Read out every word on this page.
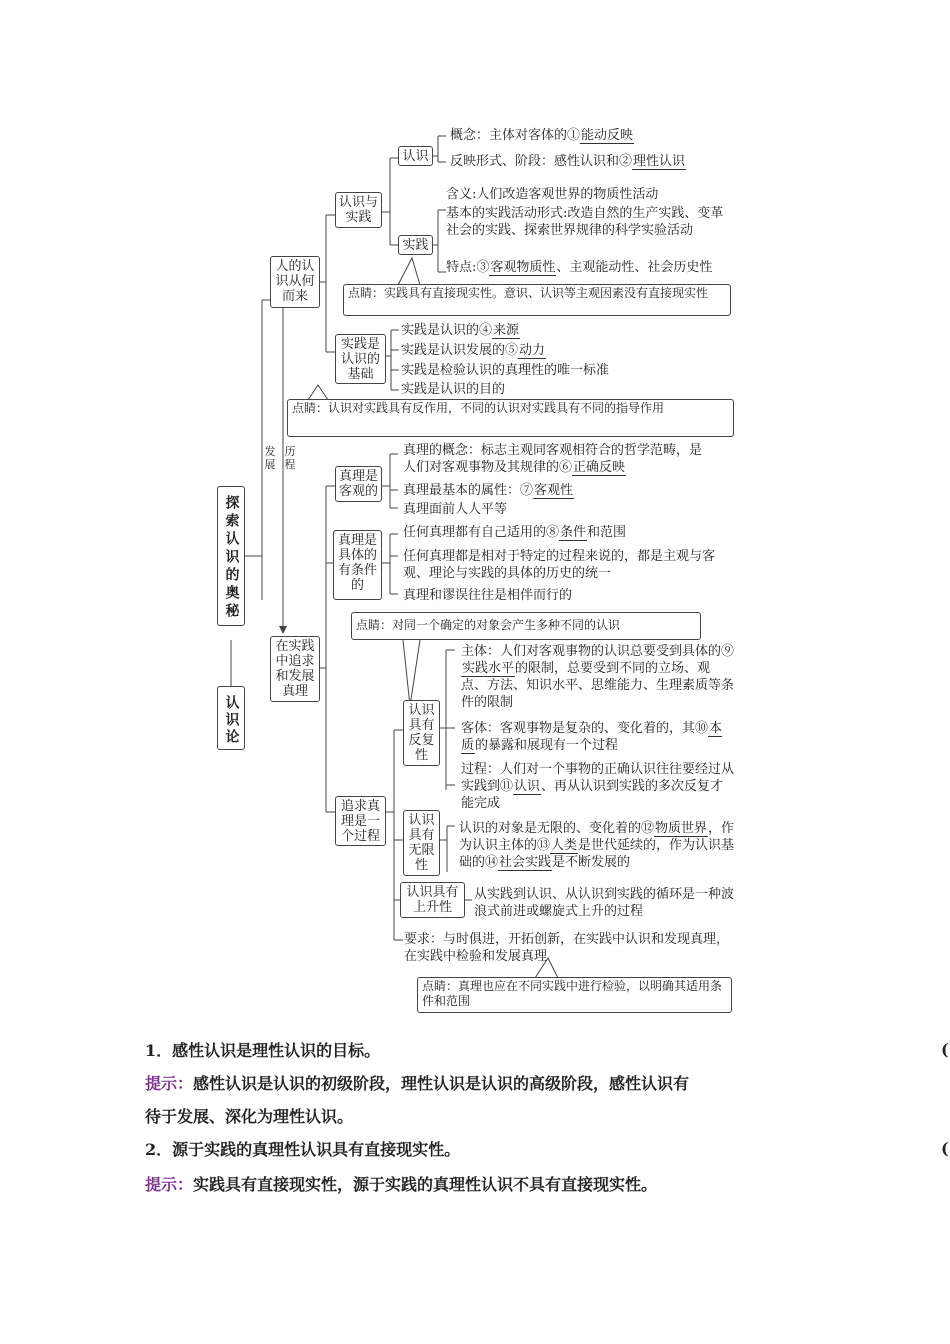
探索认识的奥秘
认识论
发展
历程
人的认识从何而来
认识与实践
认识
概念：主体对客体的①能动反映
反映形式、阶段：感性认识和②理性认识
实践
含义:人们改造客观世界的物质性活动
基本的实践活动形式:改造自然的生产实践、变革社会的实践、探索世界规律的科学实验活动
特点:③客观物质性、主观能动性、社会历史性
点睛：实践具有直接现实性。意识、认识等主观因素没有直接现实性
实践是认识的基础
实践是认识的④来源
实践是认识发展的⑤动力
实践是检验认识的真理性的唯一标准
实践是认识的目的
点睛：认识对实践具有反作用，不同的认识对实践具有不同的指导作用
在实践中追求和发展真理
真理是客观的
真理的概念：标志主观同客观相符合的哲学范畴，是人们对客观事物及其规律的⑥正确反映
真理最基本的属性：⑦客观性
真理面前人人平等
真理是具体的有条件的
任何真理都有自己适用的⑧条件和范围
任何真理都是相对于特定的过程来说的，都是主观与客观、理论与实践的具体的历史的统一
真理和谬误往往是相伴而行的
点睛：对同一个确定的对象会产生多种不同的认识
追求真理是一个过程
认识具有反复性
主体：人们对客观事物的认识总要受到具体的⑨实践水平的限制，总要受到不同的立场、观点、方法、知识水平、思维能力、生理素质等条件的限制
客体：客观事物是复杂的、变化着的，其⑩本质的暴露和展现有一个过程
过程：人们对一个事物的正确认识往往要经过从实践到⑪认识、再从认识到实践的多次反复才能完成
认识具有无限性
认识的对象是无限的、变化着的⑫物质世界，作为认识主体的⑬人类是世代延续的，作为认识基础的⑭社会实践是不断发展的
认识具有上升性
从实践到认识、从认识到实践的循环是一种波浪式前进或螺旋式上升的过程
要求：与时俱进，开拓创新，在实践中认识和发现真理，在实践中检验和发展真理
点睛：真理也应在不同实践中进行检验，以明确其适用条件和范围
1．感性认识是理性认识的目标。	(
提示：感性认识是认识的初级阶段，理性认识是认识的高级阶段，感性认识有
待于发展、深化为理性认识。
2．源于实践的真理性认识具有直接现实性。	(
提示：实践具有直接现实性，源于实践的真理性认识不具有直接现实性。
